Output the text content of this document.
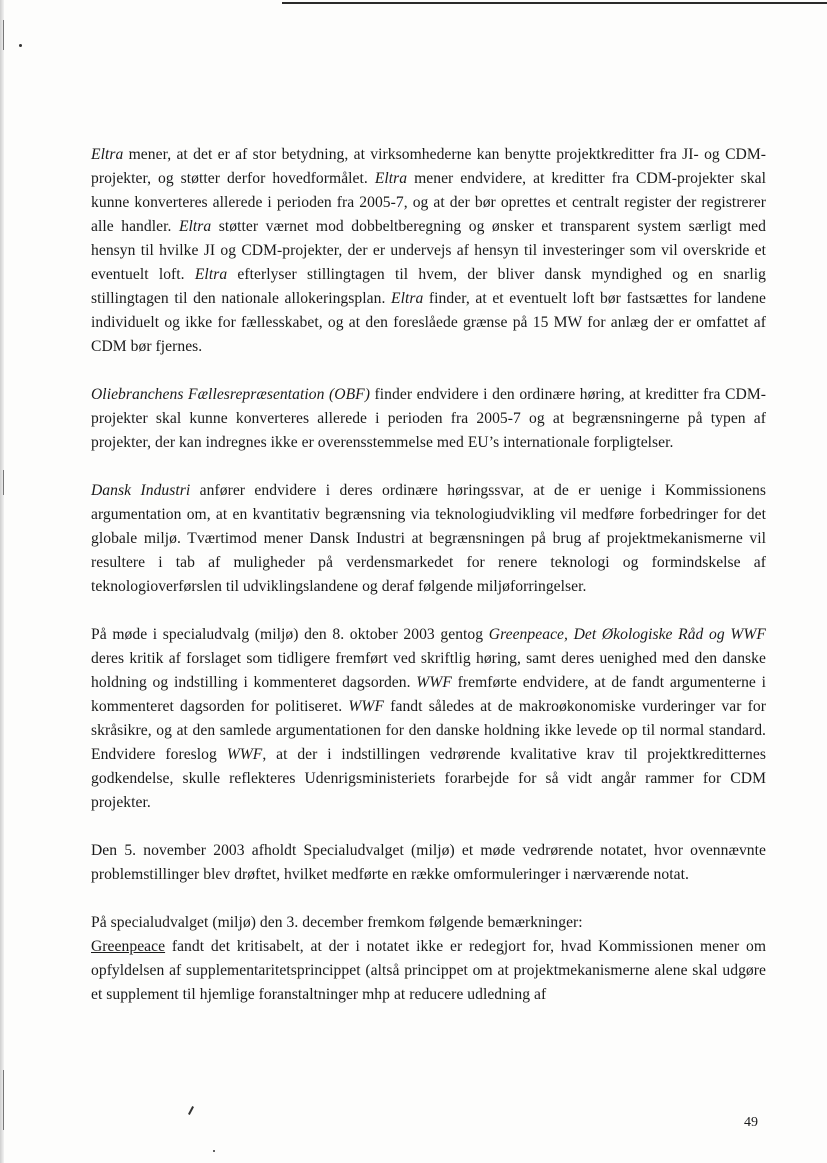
Eltra mener, at det er af stor betydning, at virksomhederne kan benytte projektkreditter fra JI- og CDM-projekter, og støtter derfor hovedformålet. Eltra mener endvidere, at kreditter fra CDM-projekter skal kunne konverteres allerede i perioden fra 2005-7, og at der bør oprettes et centralt register der registrerer alle handler. Eltra støtter værnet mod dobbeltberegning og ønsker et transparent system særligt med hensyn til hvilke JI og CDM-projekter, der er undervejs af hensyn til investeringer som vil overskride et eventuelt loft. Eltra efterlyser stillingtagen til hvem, der bliver dansk myndighed og en snarlig stillingtagen til den nationale allokeringsplan. Eltra finder, at et eventuelt loft bør fastsættes for landene individuelt og ikke for fællesskabet, og at den foreslåede grænse på 15 MW for anlæg der er omfattet af CDM bør fjernes.

Oliebranchens Fællesrepræsentation (OBF) finder endvidere i den ordinære høring, at kreditter fra CDM-projekter skal kunne konverteres allerede i perioden fra 2005-7 og at begrænsningerne på typen af projekter, der kan indregnes ikke er overensstemmelse med EU’s internationale forpligtelser.

Dansk Industri anfører endvidere i deres ordinære høringssvar, at de er uenige i Kommissionens argumentation om, at en kvantitativ begrænsning via teknologiudvikling vil medføre forbedringer for det globale miljø. Tværtimod mener Dansk Industri at begrænsningen på brug af projektmekanismerne vil resultere i tab af muligheder på verdensmarkedet for renere teknologi og formindskelse af teknologioverførslen til udviklingslandene og deraf følgende miljøforringelser.

På møde i specialudvalg (miljø) den 8. oktober 2003 gentog Greenpeace, Det Økologiske Råd og WWF deres kritik af forslaget som tidligere fremført ved skriftlig høring, samt deres uenighed med den danske holdning og indstilling i kommenteret dagsorden. WWF fremførte endvidere, at de fandt argumenterne i kommenteret dagsorden for politiseret. WWF fandt således at de makroøkonomiske vurderinger var for skråsikre, og at den samlede argumentationen for den danske holdning ikke levede op til normal standard. Endvidere foreslog WWF, at der i indstillingen vedrørende kvalitative krav til projektkreditternes godkendelse, skulle reflekteres Udenrigsministeriets forarbejde for så vidt angår rammer for CDM projekter.

Den 5. november 2003 afholdt Specialudvalget (miljø) et møde vedrørende notatet, hvor ovennævnte problemstillinger blev drøftet, hvilket medførte en række omformuleringer i nærværende notat.

På specialudvalget (miljø) den 3. december fremkom følgende bemærkninger:

Greenpeace fandt det kritisabelt, at der i notatet ikke er redegjort for, hvad Kommissionen mener om opfyldelsen af supplementaritetsprincippet (altså princippet om at projektmekanismerne alene skal udgøre et supplement til hjemlige foranstaltninger mhp at reducere udledning af

49
